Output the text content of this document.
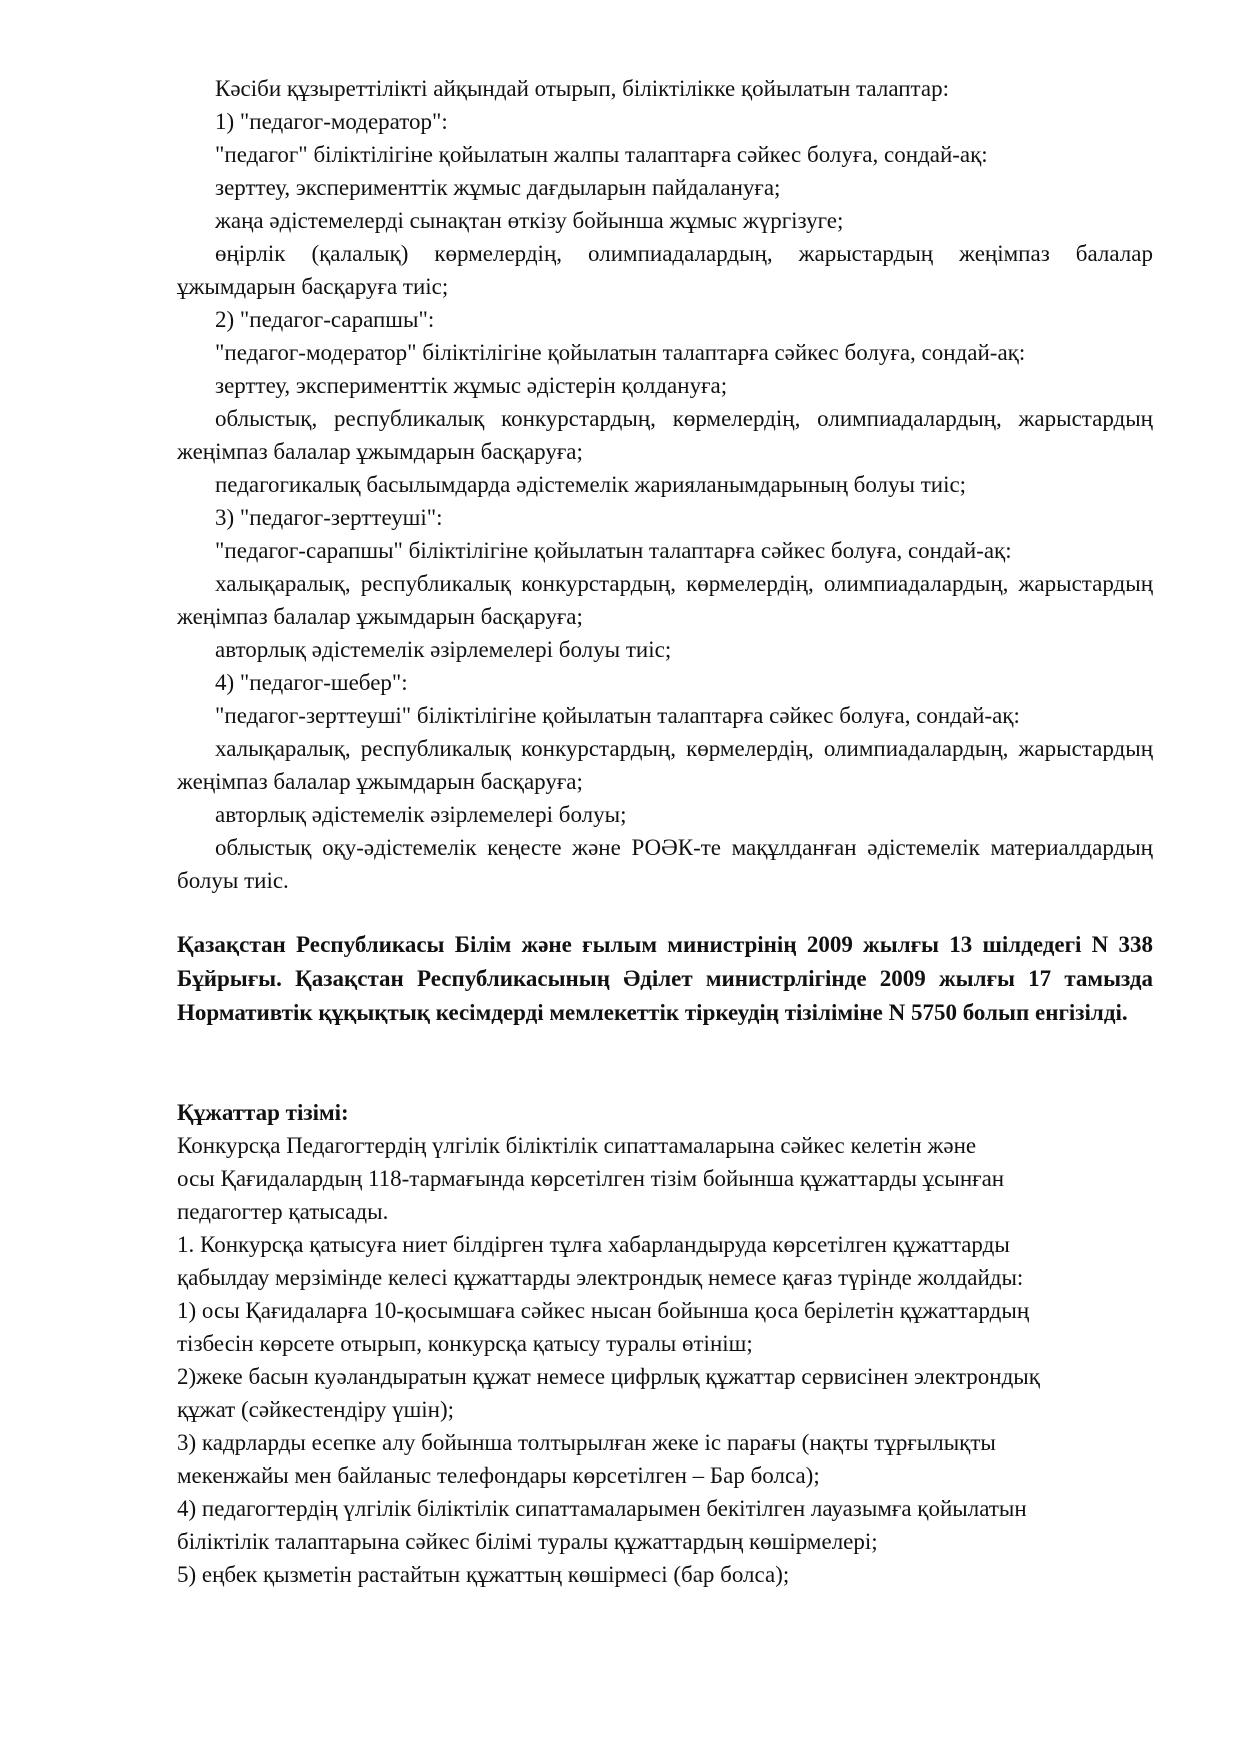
Кәсіби құзыреттілікті айқындай отырып, біліктілікке қойылатын талаптар:

1) "педагог-модератор":

"педагог" біліктілігіне қойылатын жалпы талаптарға сәйкес болуға, сондай-ақ:

зерттеу, эксперименттік жұмыс дағдыларын пайдалануға;

жаңа әдістемелерді сынақтан өткізу бойынша жұмыс жүргізуге;

өңірлік (қалалық) көрмелердің, олимпиадалардың, жарыстардың жеңімпаз балалар ұжымдарын басқаруға тиіс;

2) "педагог-сарапшы":

"педагог-модератор" біліктілігіне қойылатын талаптарға сәйкес болуға, сондай-ақ:

зерттеу, эксперименттік жұмыс әдістерін қолдануға;

облыстық, республикалық конкурстардың, көрмелердің, олимпиадалардың, жарыстардың жеңімпаз балалар ұжымдарын басқаруға;

педагогикалық басылымдарда әдістемелік жарияланымдарының болуы тиіс;

3) "педагог-зерттеуші":

"педагог-сарапшы" біліктілігіне қойылатын талаптарға сәйкес болуға, сондай-ақ:

халықаралық, республикалық конкурстардың, көрмелердің, олимпиадалардың, жарыстардың жеңімпаз балалар ұжымдарын басқаруға;

авторлық әдістемелік әзірлемелері болуы тиіс;

4) "педагог-шебер":

"педагог-зерттеуші" біліктілігіне қойылатын талаптарға сәйкес болуға, сондай-ақ:

халықаралық, республикалық конкурстардың, көрмелердің, олимпиадалардың, жарыстардың жеңімпаз балалар ұжымдарын басқаруға;

авторлық әдістемелік әзірлемелері болуы;

облыстық оқу-әдістемелік кеңесте және РОӘК-те мақұлданған әдістемелік материалдардың болуы тиіс.

Қазақстан Республикасы Білім және ғылым министрінің 2009 жылғы 13 шілдедегі N 338 Бұйрығы. Қазақстан Республикасының Әділет министрлігінде 2009 жылғы 17 тамызда Нормативтік құқықтық кесімдерді мемлекеттік тіркеудің тізіліміне N 5750 болып енгізілді.

Құжаттар тізімі:

Конкурсқа Педагогтердің үлгілік біліктілік сипаттамаларына сәйкес келетін және

осы Қағидалардың 118-тармағында көрсетілген тізім бойынша құжаттарды ұсынған

педагогтер қатысады.

1. Конкурсқа қатысуға ниет білдірген тұлға хабарландыруда көрсетілген құжаттарды

қабылдау мерзімінде келесі құжаттарды электрондық немесе қағаз түрінде жолдайды:

1) осы Қағидаларға 10-қосымшаға сәйкес нысан бойынша қоса берілетін құжаттардың

тізбесін көрсете отырып, конкурсқа қатысу туралы өтініш;

2)жеке басын куәландыратын құжат немесе цифрлық құжаттар сервисінен электрондық

құжат (сәйкестендіру үшін);

3) кадрларды есепке алу бойынша толтырылған жеке іс парағы (нақты тұрғылықты

мекенжайы мен байланыс телефондары көрсетілген – Бар болса);

4) педагогтердің үлгілік біліктілік сипаттамаларымен бекітілген лауазымға қойылатын

біліктілік талаптарына сәйкес білімі туралы құжаттардың көшірмелері;

5) еңбек қызметін растайтын құжаттың көшірмесі (бар болса);
